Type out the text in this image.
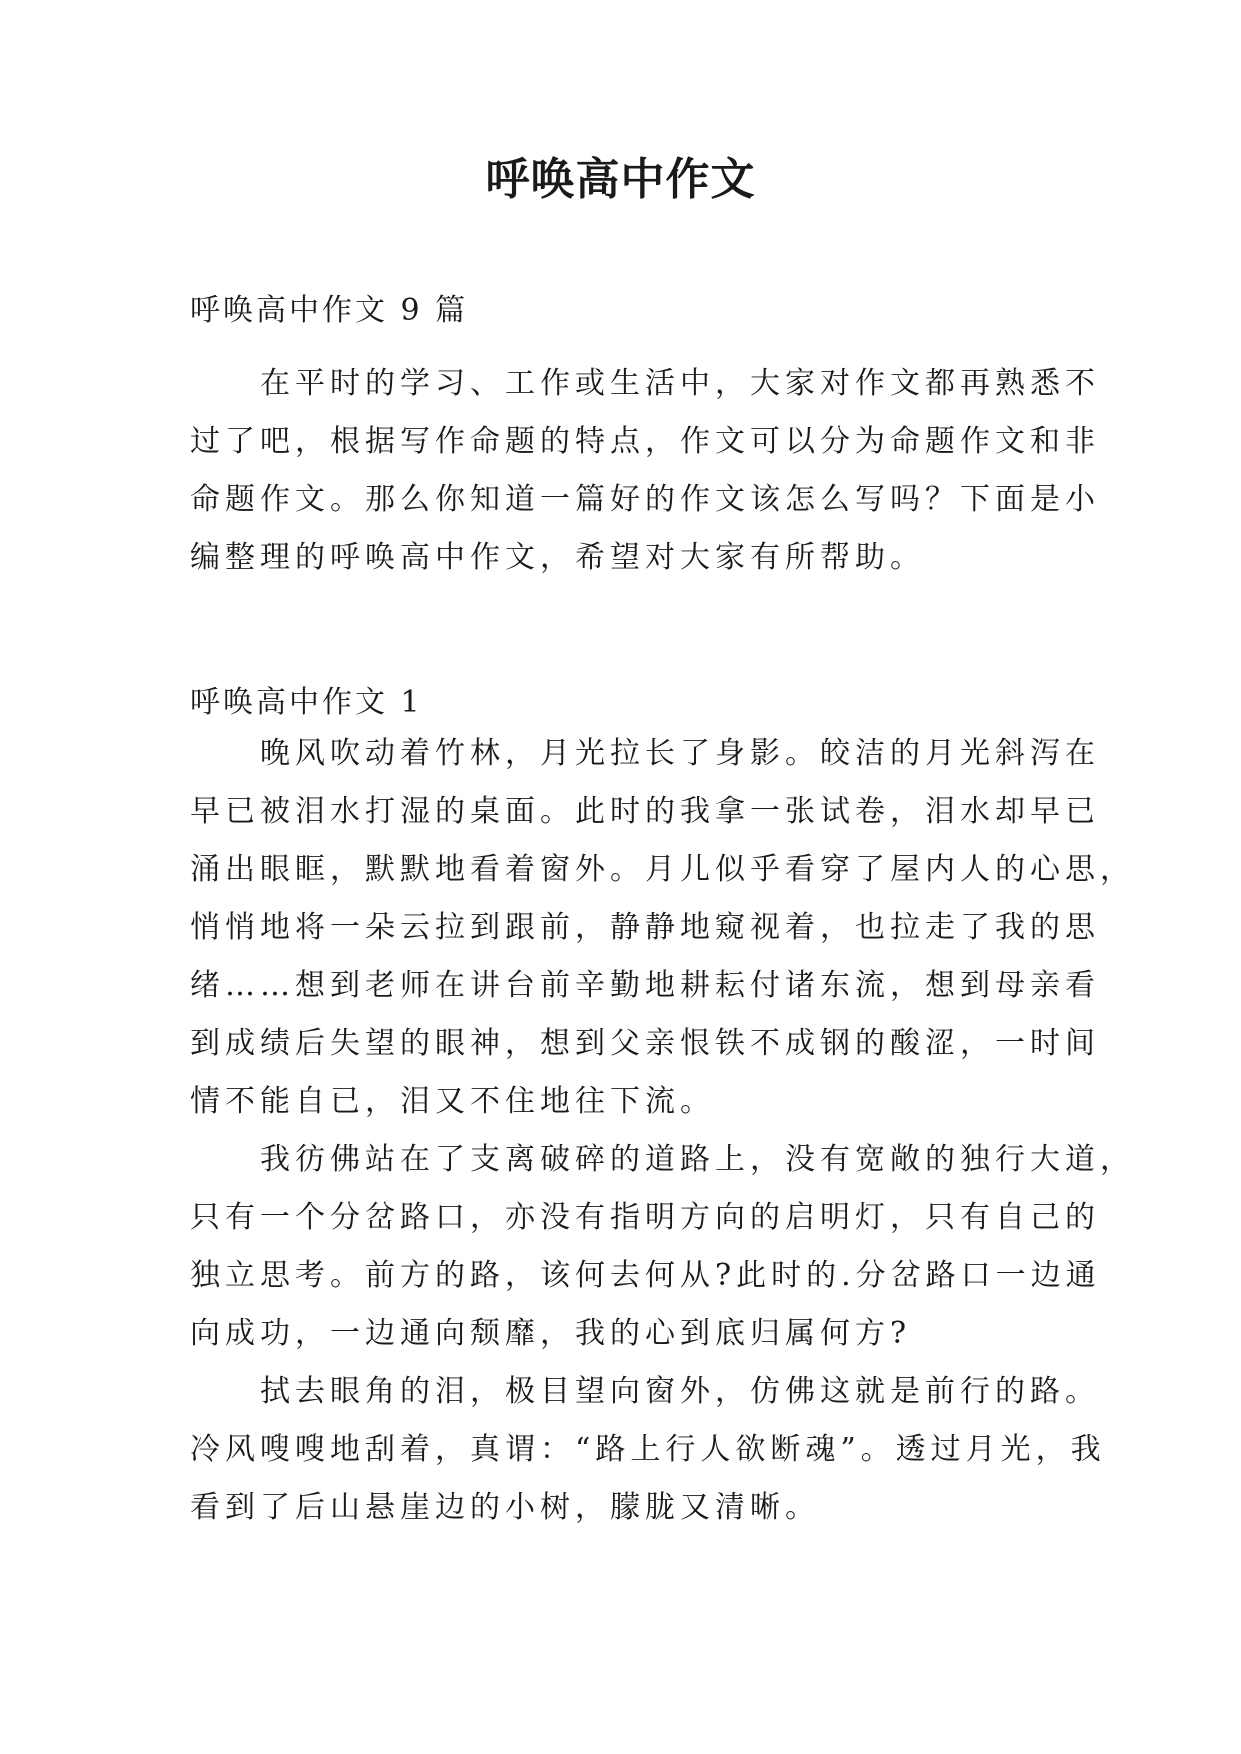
呼唤高中作文
呼唤高中作文 9 篇
　　在平时的学习、工作或生活中，大家对作文都再熟悉不
过了吧，根据写作命题的特点，作文可以分为命题作文和非
命题作文。那么你知道一篇好的作文该怎么写吗？下面是小
编整理的呼唤高中作文，希望对大家有所帮助。
呼唤高中作文 1
　　晚风吹动着竹林，月光拉长了身影。皎洁的月光斜泻在
早已被泪水打湿的桌面。此时的我拿一张试卷，泪水却早已
涌出眼眶，默默地看着窗外。月儿似乎看穿了屋内人的心思，
悄悄地将一朵云拉到跟前，静静地窥视着，也拉走了我的思
绪……想到老师在讲台前辛勤地耕耘付诸东流，想到母亲看
到成绩后失望的眼神，想到父亲恨铁不成钢的酸涩，一时间
情不能自已，泪又不住地往下流。
　　我彷佛站在了支离破碎的道路上，没有宽敞的独行大道，
只有一个分岔路口，亦没有指明方向的启明灯，只有自己的
独立思考。前方的路，该何去何从?此时的.分岔路口一边通
向成功，一边通向颓靡，我的心到底归属何方?
　　拭去眼角的泪，极目望向窗外，仿佛这就是前行的路。
冷风嗖嗖地刮着，真谓：“路上行人欲断魂”。透过月光，我
看到了后山悬崖边的小树，朦胧又清晰。
